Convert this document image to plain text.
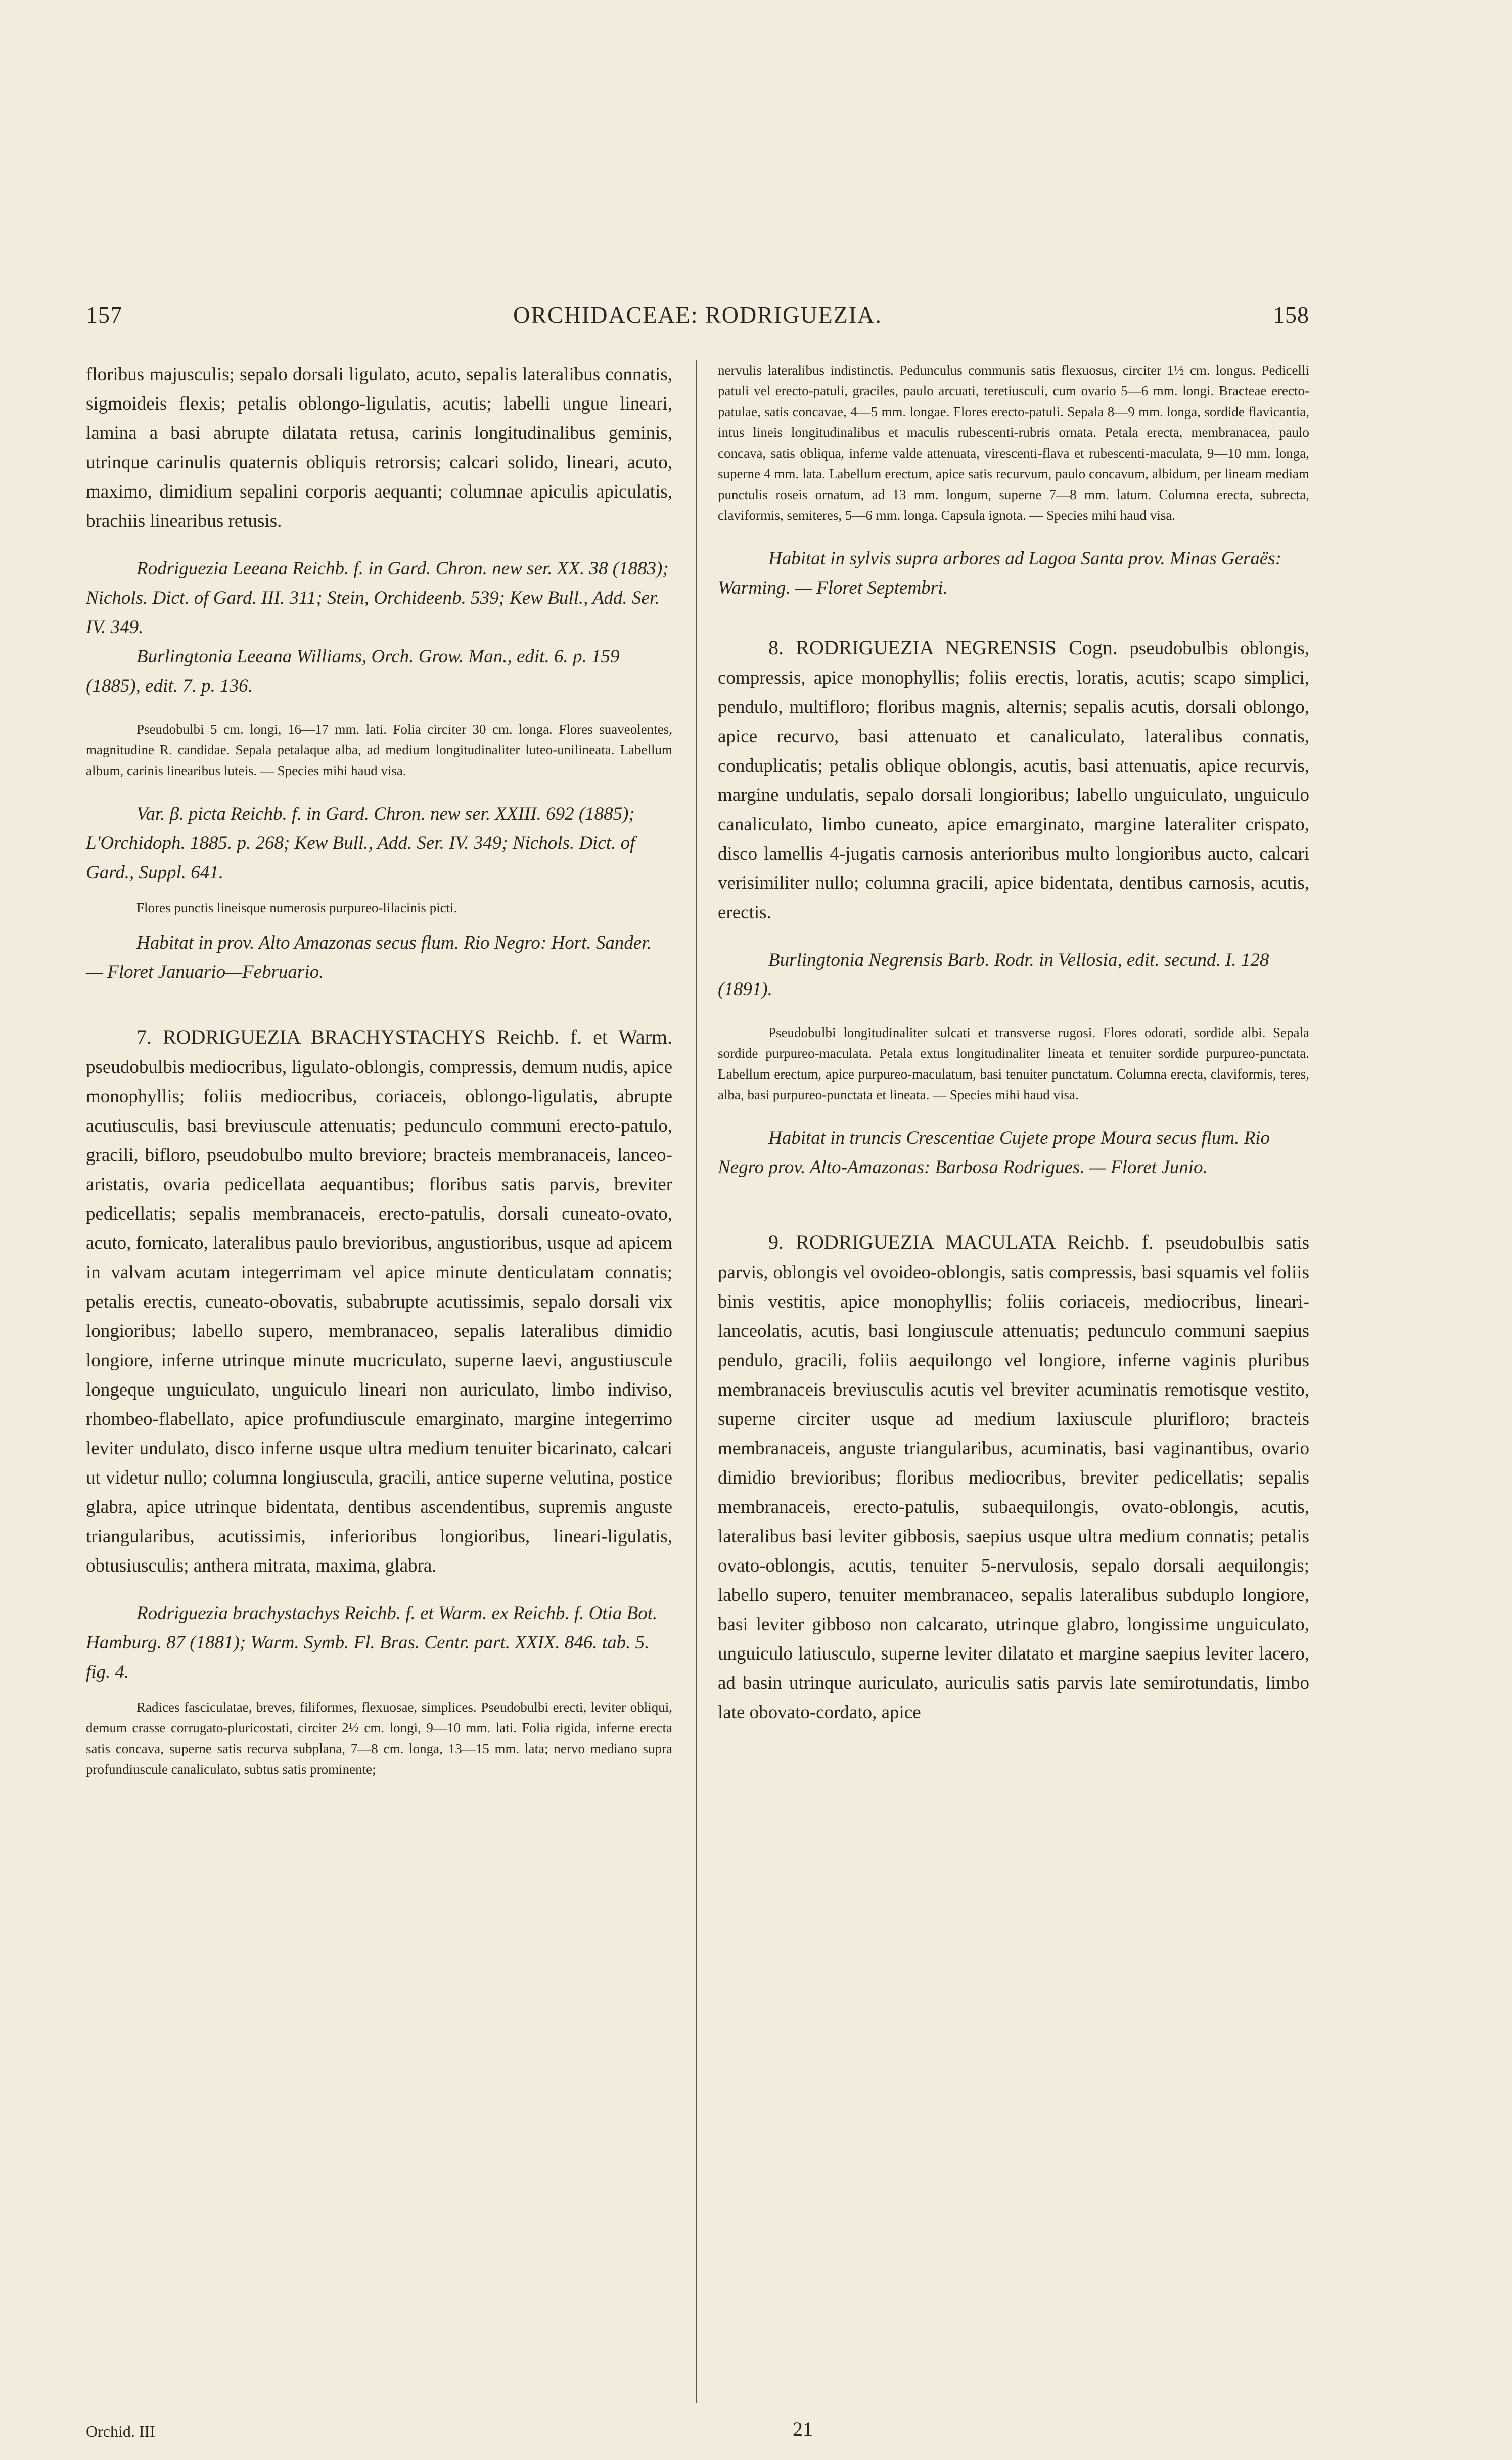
157	ORCHIDACEAE: RODRIGUEZIA.	158

floribus majusculis; sepalo dorsali ligulato, acuto, sepalis lateralibus connatis, sigmoideis flexis; petalis oblongo-ligulatis, acutis; labelli ungue lineari, lamina a basi abrupte dilatata retusa, carinis longitudinalibus geminis, utrinque carinulis quaternis obliquis retrorsis; calcari solido, lineari, acuto, maximo, dimidium sepalini corporis aequanti; columnae apiculis apiculatis, brachiis linearibus retusis.

Rodriguezia Leeana Reichb. f. in Gard. Chron. new ser. XX. 38 (1883); Nichols. Dict. of Gard. III. 311; Stein, Orchideenb. 539; Kew Bull., Add. Ser. IV. 349.

Burlingtonia Leeana Williams, Orch. Grow. Man., edit. 6. p. 159 (1885), edit. 7. p. 136.

Pseudobulbi 5 cm. longi, 16—17 mm. lati. Folia circiter 30 cm. longa. Flores suaveolentes, magnitudine R. candidae. Sepala petalaque alba, ad medium longitudinaliter luteo-unilineata. Labellum album, carinis linearibus luteis. — Species mihi haud visa.

Var. β. picta Reichb. f. in Gard. Chron. new ser. XXIII. 692 (1885); L'Orchidoph. 1885. p. 268; Kew Bull., Add. Ser. IV. 349; Nichols. Dict. of Gard., Suppl. 641.

Flores punctis lineisque numerosis purpureo-lilacinis picti.

Habitat in prov. Alto Amazonas secus flum. Rio Negro: Hort. Sander. — Floret Januario—Februario.

7. RODRIGUEZIA BRACHYSTACHYS Reichb. f. et Warm. pseudobulbis mediocribus, ligulato-oblongis, compressis, demum nudis, apice monophyllis; foliis mediocribus, coriaceis, oblongo-ligulatis, abrupte acutiusculis, basi breviuscule attenuatis; pedunculo communi erecto-patulo, gracili, bifloro, pseudobulbo multo breviore; bracteis membranaceis, lanceo-aristatis, ovaria pedicellata aequantibus; floribus satis parvis, breviter pedicellatis; sepalis membranaceis, erecto-patulis, dorsali cuneato-ovato, acuto, fornicato, lateralibus paulo brevioribus, angustioribus, usque ad apicem in valvam acutam integerrimam vel apice minute denticulatam connatis; petalis erectis, cuneato-obovatis, subabrupte acutissimis, sepalo dorsali vix longioribus; labello supero, membranaceo, sepalis lateralibus dimidio longiore, inferne utrinque minute mucriculato, superne laevi, angustiuscule longeque unguiculato, unguiculo lineari non auriculato, limbo indiviso, rhombeo-flabellato, apice profundiuscule emarginato, margine integerrimo leviter undulato, disco inferne usque ultra medium tenuiter bicarinato, calcari ut videtur nullo; columna longiuscula, gracili, antice superne velutina, postice glabra, apice utrinque bidentata, dentibus ascendentibus, supremis anguste triangularibus, acutissimis, inferioribus longioribus, lineari-ligulatis, obtusiusculis; anthera mitrata, maxima, glabra.

Rodriguezia brachystachys Reichb. f. et Warm. ex Reichb. f. Otia Bot. Hamburg. 87 (1881); Warm. Symb. Fl. Bras. Centr. part. XXIX. 846. tab. 5. fig. 4.

Radices fasciculatae, breves, filiformes, flexuosae, simplices. Pseudobulbi erecti, leviter obliqui, demum crasse corrugato-pluricostati, circiter 2½ cm. longi, 9—10 mm. lati. Folia rigida, inferne erecta satis concava, superne satis recurva subplana, 7—8 cm. longa, 13—15 mm. lata; nervo mediano supra profundiuscule canaliculato, subtus satis prominente;

nervulis lateralibus indistinctis. Pedunculus communis satis flexuosus, circiter 1½ cm. longus. Pedicelli patuli vel erecto-patuli, graciles, paulo arcuati, teretiusculi, cum ovario 5—6 mm. longi. Bracteae erecto-patulae, satis concavae, 4—5 mm. longae. Flores erecto-patuli. Sepala 8—9 mm. longa, sordide flavicantia, intus lineis longitudinalibus et maculis rubescenti-rubris ornata. Petala erecta, membranacea, paulo concava, satis obliqua, inferne valde attenuata, virescenti-flava et rubescenti-maculata, 9—10 mm. longa, superne 4 mm. lata. Labellum erectum, apice satis recurvum, paulo concavum, albidum, per lineam mediam punctulis roseis ornatum, ad 13 mm. longum, superne 7—8 mm. latum. Columna erecta, subrecta, claviformis, semiteres, 5—6 mm. longa. Capsula ignota. — Species mihi haud visa.

Habitat in sylvis supra arbores ad Lagoa Santa prov. Minas Geraës: Warming. — Floret Septembri.

8. RODRIGUEZIA NEGRENSIS Cogn. pseudobulbis oblongis, compressis, apice monophyllis; foliis erectis, loratis, acutis; scapo simplici, pendulo, multifloro; floribus magnis, alternis; sepalis acutis, dorsali oblongo, apice recurvo, basi attenuato et canaliculato, lateralibus connatis, conduplicatis; petalis oblique oblongis, acutis, basi attenuatis, apice recurvis, margine undulatis, sepalo dorsali longioribus; labello unguiculato, unguiculo canaliculato, limbo cuneato, apice emarginato, margine lateraliter crispato, disco lamellis 4-jugatis carnosis anterioribus multo longioribus aucto, calcari verisimiliter nullo; columna gracili, apice bidentata, dentibus carnosis, acutis, erectis.

Burlingtonia Negrensis Barb. Rodr. in Vellosia, edit. secund. I. 128 (1891).

Pseudobulbi longitudinaliter sulcati et transverse rugosi. Flores odorati, sordide albi. Sepala sordide purpureo-maculata. Petala extus longitudinaliter lineata et tenuiter sordide purpureo-punctata. Labellum erectum, apice purpureo-maculatum, basi tenuiter punctatum. Columna erecta, claviformis, teres, alba, basi purpureo-punctata et lineata. — Species mihi haud visa.

Habitat in truncis Crescentiae Cujete prope Moura secus flum. Rio Negro prov. Alto-Amazonas: Barbosa Rodrigues. — Floret Junio.

9. RODRIGUEZIA MACULATA Reichb. f. pseudobulbis satis parvis, oblongis vel ovoideo-oblongis, satis compressis, basi squamis vel foliis binis vestitis, apice monophyllis; foliis coriaceis, mediocribus, lineari-lanceolatis, acutis, basi longiuscule attenuatis; pedunculo communi saepius pendulo, gracili, foliis aequilongo vel longiore, inferne vaginis pluribus membranaceis breviusculis acutis vel breviter acuminatis remotisque vestito, superne circiter usque ad medium laxiuscule plurifloro; bracteis membranaceis, anguste triangularibus, acuminatis, basi vaginantibus, ovario dimidio brevioribus; floribus mediocribus, breviter pedicellatis; sepalis membranaceis, erecto-patulis, subaequilongis, ovato-oblongis, acutis, lateralibus basi leviter gibbosis, saepius usque ultra medium connatis; petalis ovato-oblongis, acutis, tenuiter 5-nervulosis, sepalo dorsali aequilongis; labello supero, tenuiter membranaceo, sepalis lateralibus subduplo longiore, basi leviter gibboso non calcarato, utrinque glabro, longissime unguiculato, unguiculo latiusculo, superne leviter dilatato et margine saepius leviter lacero, ad basin utrinque auriculato, auriculis satis parvis late semirotundatis, limbo late obovato-cordato, apice

Orchid. III	21
